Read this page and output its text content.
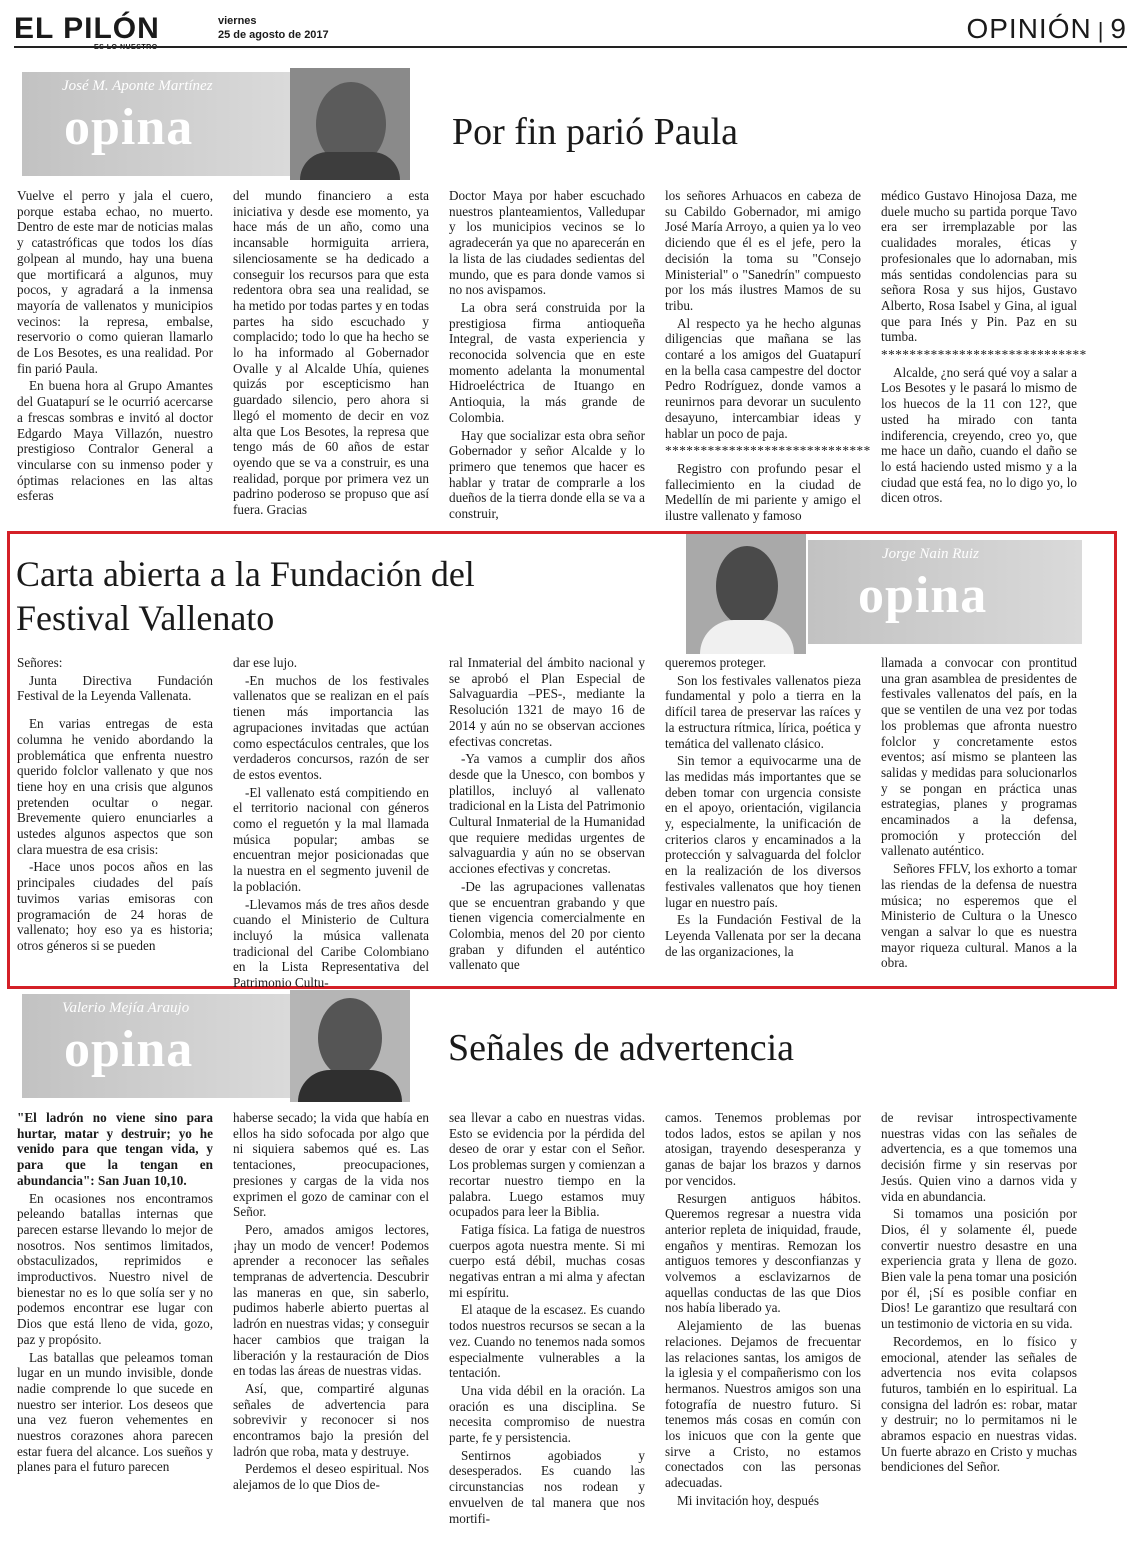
EL PILÓN	viernes
25 de agosto de 2017	OPINIÓN | 9
José M. Aponte Martínez
opina	Por fin parió Paula

Vuelve el perro y jala el cuero, porque estaba echao, no muerto. Dentro de este mar de noticias malas y catastróficas que todos los días golpean al mundo, hay una buena que mortificará a algunos, muy pocos, y agradará a la inmensa mayoría de vallenatos y municipios vecinos: la represa, embalse, reservorio o como quieran llamarlo de Los Besotes, es una realidad. Por fin parió Paula.

En buena hora al Grupo Amantes del Guatapurí se le ocurrió acercarse a frescas sombras e invitó al doctor Edgardo Maya Villazón, nuestro prestigioso Contralor General a vincularse con su inmenso poder y óptimas relaciones en las altas esferas

del mundo financiero a esta iniciativa y desde ese momento, ya hace más de un año, como una incansable hormiguita arriera, silenciosamente se ha dedicado a conseguir los recursos para que esta redentora obra sea una realidad, se ha metido por todas partes y en todas partes ha sido escuchado y complacido; todo lo que ha hecho se lo ha informado al Gobernador Ovalle y al Alcalde Uhía, quienes quizás por escepticismo han guardado silencio, pero ahora si llegó el momento de decir en voz alta que Los Besotes, la represa que tengo más de 60 años de estar oyendo que se va a construir, es una realidad, porque por primera vez un padrino poderoso se propuso que así fuera. Gracias

Doctor Maya por haber escuchado nuestros planteamientos, Valledupar y los municipios vecinos se lo agradecerán ya que no aparecerán en la lista de las ciudades sedientas del mundo, que es para donde vamos si no nos avispamos.

La obra será construida por la prestigiosa firma antioqueña Integral, de vasta experiencia y reconocida solvencia que en este momento adelanta la monumental Hidroeléctrica de Ituango en Antioquia, la más grande de Colombia.

Hay que socializar esta obra señor Gobernador y señor Alcalde y lo primero que tenemos que hacer es hablar y tratar de comprarle a los dueños de la tierra donde ella se va a construir,

los señores Arhuacos en cabeza de su Cabildo Gobernador, mi amigo José María Arroyo, a quien ya lo veo diciendo que él es el jefe, pero la decisión la toma su "Consejo Ministerial" o "Sanedrín" compuesto por los más ilustres Mamos de su tribu.

Al respecto ya he hecho algunas diligencias que mañana se las contaré a los amigos del Guatapurí en la bella casa campestre del doctor Pedro Rodríguez, donde vamos a reunirnos para devorar un suculento desayuno, intercambiar ideas y hablar un poco de paja.

*****************************

Registro con profundo pesar el fallecimiento en la ciudad de Medellín de mi pariente y amigo el ilustre vallenato y famoso

médico Gustavo Hinojosa Daza, me duele mucho su partida porque Tavo era ser irremplazable por las cualidades morales, éticas y profesionales que lo adornaban, mis más sentidas condolencias para su señora Rosa y sus hijos, Gustavo Alberto, Rosa Isabel y Gina, al igual que para Inés y Pin. Paz en su tumba.

*****************************

Alcalde, ¿no será qué voy a salar a Los Besotes y le pasará lo mismo de los huecos de la 11 con 12?, que usted ha mirado con tanta indiferencia, creyendo, creo yo, que me hace un daño, cuando el daño se lo está haciendo usted mismo y a la ciudad que está fea, no lo digo yo, lo dicen otros.

Carta abierta a la Fundación del
Festival Vallenato
Jorge Nain Ruiz
opina

Señores:

Junta Directiva Fundación Festival de la Leyenda Vallenata.

En varias entregas de esta columna he venido abordando la problemática que enfrenta nuestro querido folclor vallenato y que nos tiene hoy en una crisis que algunos pretenden ocultar o negar. Brevemente quiero enunciarles a ustedes algunos aspectos que son clara muestra de esa crisis:

-Hace unos pocos años en las principales ciudades del país tuvimos varias emisoras con programación de 24 horas de vallenato; hoy eso ya es historia; otros géneros si se pueden

dar ese lujo.

-En muchos de los festivales vallenatos que se realizan en el país tienen más importancia las agrupaciones invitadas que actúan como espectáculos centrales, que los verdaderos concursos, razón de ser de estos eventos.

-El vallenato está compitiendo en el territorio nacional con géneros como el reguetón y la mal llamada música popular; ambas se encuentran mejor posicionadas que la nuestra en el segmento juvenil de la población.

-Llevamos más de tres años desde cuando el Ministerio de Cultura incluyó la música vallenata tradicional del Caribe Colombiano en la Lista Representativa del Patrimonio Cultu-

ral Inmaterial del ámbito nacional y se aprobó el Plan Especial de Salvaguardia –PES-, mediante la Resolución 1321 de mayo 16 de 2014 y aún no se observan acciones efectivas concretas.

-Ya vamos a cumplir dos años desde que la Unesco, con bombos y platillos, incluyó al vallenato tradicional en la Lista del Patrimonio Cultural Inmaterial de la Humanidad que requiere medidas urgentes de salvaguardia y aún no se observan acciones efectivas y concretas.

-De las agrupaciones vallenatas que se encuentran grabando y que tienen vigencia comercialmente en Colombia, menos del 20 por ciento graban y difunden el auténtico vallenato que

queremos proteger.

Son los festivales vallenatos pieza fundamental y polo a tierra en la difícil tarea de preservar las raíces y la estructura rítmica, lírica, poética y temática del vallenato clásico.

Sin temor a equivocarme una de las medidas más importantes que se deben tomar con urgencia consiste en el apoyo, orientación, vigilancia y, especialmente, la unificación de criterios claros y encaminados a la protección y salvaguarda del folclor en la realización de los diversos festivales vallenatos que hoy tienen lugar en nuestro país.

Es la Fundación Festival de la Leyenda Vallenata por ser la decana de las organizaciones, la

llamada a convocar con prontitud una gran asamblea de presidentes de festivales vallenatos del país, en la que se ventilen de una vez por todas los problemas que afronta nuestro folclor y concretamente estos eventos; así mismo se planteen las salidas y medidas para solucionarlos y se pongan en práctica unas estrategias, planes y programas encaminados a la defensa, promoción y protección del vallenato auténtico.

Señores FFLV, los exhorto a tomar las riendas de la defensa de nuestra música; no esperemos que el Ministerio de Cultura o la Unesco vengan a salvar lo que es nuestra mayor riqueza cultural. Manos a la obra.

Valerio Mejía Araujo
opina	Señales de advertencia

"El ladrón no viene sino para hurtar, matar y destruir; yo he venido para que tengan vida, y para que la tengan en abundancia": San Juan 10,10.

En ocasiones nos encontramos peleando batallas internas que parecen estarse llevando lo mejor de nosotros. Nos sentimos limitados, obstaculizados, reprimidos e improductivos. Nuestro nivel de bienestar no es lo que solía ser y no podemos encontrar ese lugar con Dios que está lleno de vida, gozo, paz y propósito.

Las batallas que peleamos toman lugar en un mundo invisible, donde nadie comprende lo que sucede en nuestro ser interior. Los deseos que una vez fueron vehementes en nuestros corazones ahora parecen estar fuera del alcance. Los sueños y planes para el futuro parecen

haberse secado; la vida que había en ellos ha sido sofocada por algo que ni siquiera sabemos qué es. Las tentaciones, preocupaciones, presiones y cargas de la vida nos exprimen el gozo de caminar con el Señor.

Pero, amados amigos lectores, ¡hay un modo de vencer! Podemos aprender a reconocer las señales tempranas de advertencia. Descubrir las maneras en que, sin saberlo, pudimos haberle abierto puertas al ladrón en nuestras vidas; y conseguir hacer cambios que traigan la liberación y la restauración de Dios en todas las áreas de nuestras vidas.

Así, que, compartiré algunas señales de advertencia para sobrevivir y reconocer si nos encontramos bajo la presión del ladrón que roba, mata y destruye.

Perdemos el deseo espiritual. Nos alejamos de lo que Dios de-

sea llevar a cabo en nuestras vidas. Esto se evidencia por la pérdida del deseo de orar y estar con el Señor. Los problemas surgen y comienzan a recortar nuestro tiempo en la palabra. Luego estamos muy ocupados para leer la Biblia.

Fatiga física. La fatiga de nuestros cuerpos agota nuestra mente. Si mi cuerpo está débil, muchas cosas negativas entran a mi alma y afectan mi espíritu.

El ataque de la escasez. Es cuando todos nuestros recursos se secan a la vez. Cuando no tenemos nada somos especialmente vulnerables a la tentación.

Una vida débil en la oración. La oración es una disciplina. Se necesita compromiso de nuestra parte, fe y persistencia.

Sentirnos agobiados y desesperados. Es cuando las circunstancias nos rodean y envuelven de tal manera que nos mortifi-

camos. Tenemos problemas por todos lados, estos se apilan y nos atosigan, trayendo desesperanza y ganas de bajar los brazos y darnos por vencidos.

Resurgen antiguos hábitos. Queremos regresar a nuestra vida anterior repleta de iniquidad, fraude, engaños y mentiras. Remozan los antiguos temores y desconfianzas y volvemos a esclavizarnos de aquellas conductas de las que Dios nos había liberado ya.

Alejamiento de las buenas relaciones. Dejamos de frecuentar las relaciones santas, los amigos de la iglesia y el compañerismo con los hermanos. Nuestros amigos son una fotografía de nuestro futuro. Si tenemos más cosas en común con los inicuos que con la gente que sirve a Cristo, no estamos conectados con las personas adecuadas.

Mi invitación hoy, después

de revisar introspectivamente nuestras vidas con las señales de advertencia, es a que tomemos una decisión firme y sin reservas por Jesús. Quien vino a darnos vida y vida en abundancia.

Si tomamos una posición por Dios, él y solamente él, puede convertir nuestro desastre en una experiencia grata y llena de gozo. Bien vale la pena tomar una posición por él, ¡Sí es posible confiar en Dios! Le garantizo que resultará con un testimonio de victoria en su vida.

Recordemos, en lo físico y emocional, atender las señales de advertencia nos evita colapsos futuros, también en lo espiritual. La consigna del ladrón es: robar, matar y destruir; no lo permitamos ni le abramos espacio en nuestras vidas. Un fuerte abrazo en Cristo y muchas bendiciones del Señor.
